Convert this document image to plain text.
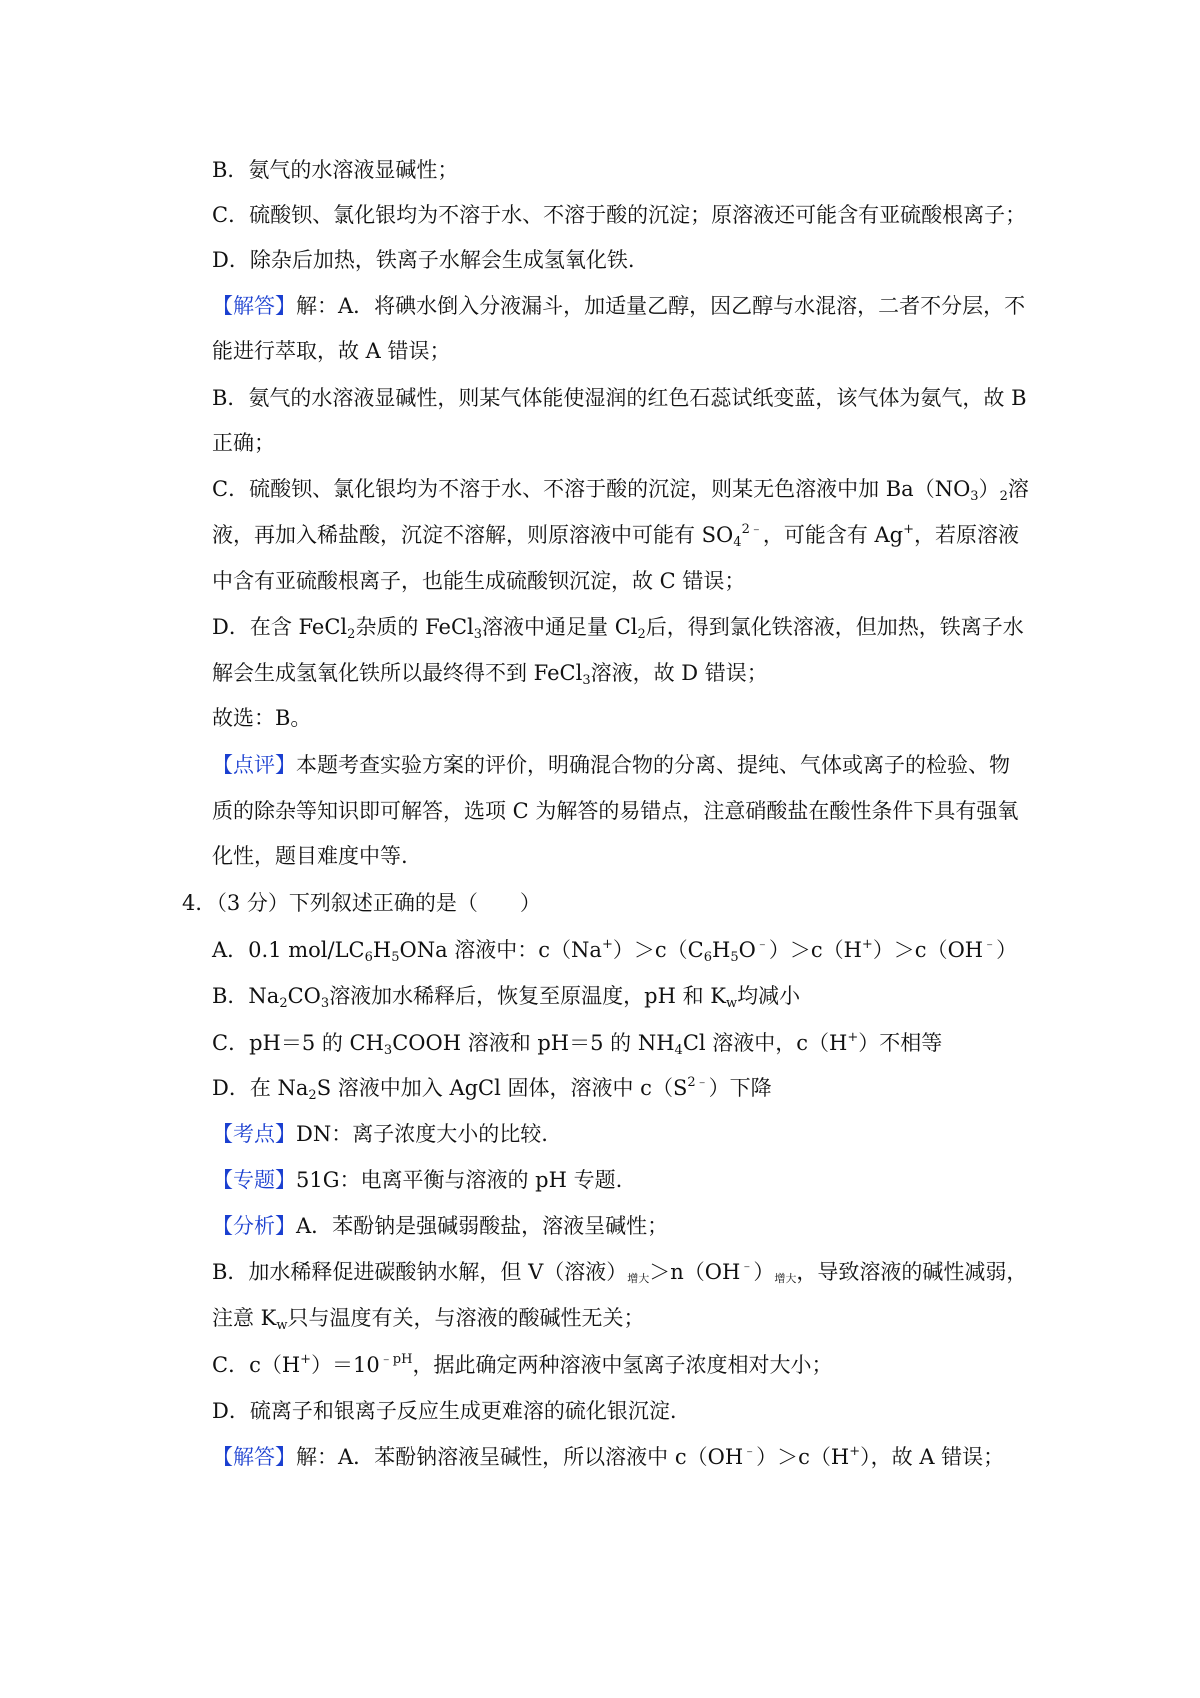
B．氨气的水溶液显碱性；
C．硫酸钡、氯化银均为不溶于水、不溶于酸的沉淀；原溶液还可能含有亚硫酸根离子；
D．除杂后加热，铁离子水解会生成氢氧化铁.
【解答】解：A．将碘水倒入分液漏斗，加适量乙醇，因乙醇与水混溶，二者不分层，不
能进行萃取，故 A 错误；
B．氨气的水溶液显碱性，则某气体能使湿润的红色石蕊试纸变蓝，该气体为氨气，故 B
正确；
C．硫酸钡、氯化银均为不溶于水、不溶于酸的沉淀，则某无色溶液中加 $Ba(NO_3)_2$溶
液，再加入稀盐酸，沉淀不溶解，则原溶液中可能有 $SO_4^{2﹣}$，可能含有 Ag+，若原溶液
中含有亚硫酸根离子，也能生成硫酸钡沉淀，故 C 错误；
D．在含 FeCl$_2$杂质的 FeCl$_3$溶液中通足量 $Cl_2$后，得到氯化铁溶液，但加热，铁离子水
解会生成氢氧化铁所以最终得不到 FeCl$_3$溶液，故 D 错误；
故选：B。
【点评】本题考查实验方案的评价，明确混合物的分离、提纯、气体或离子的检验、物
质的除杂等知识即可解答，选项 C 为解答的易错点，注意硝酸盐在酸性条件下具有强氧
化性，题目难度中等.
4．（3 分）下列叙述正确的是（　　）
A．0.1 mol/$LC_6H_5ONa$ 溶液中：$c(Na^+)>c(C_6H_5O^﹣)>c(H^+)>c(OH^﹣)$
B．$Na_2CO_3$溶液加水稀释后，恢复至原温度，pH 和 $K_w$均减小
C．pH＝5 的 $CH_3COOH$ 溶液和 pH＝5 的 $NH_4Cl$ 溶液中，c（H+）不相等
D．在 $Na_2S$ 溶液中加入 AgCl 固体，溶液中 $c(S^{2﹣})$下降
【考点】DN：离子浓度大小的比较.
【专题】51G：电离平衡与溶液的 pH 专题.
【分析】A．苯酚钠是强碱弱酸盐，溶液呈碱性；
B．加水稀释促进碳酸钠水解，但 V（溶液）增大＞n（OH﹣）增大，导致溶液的碱性减弱，
注意 $K_w$只与温度有关，与溶液的酸碱性无关；
C．$c(H^+)=10^{﹣pH}$，据此确定两种溶液中氢离子浓度相对大小；
D．硫离子和银离子反应生成更难溶的硫化银沉淀.
【解答】解：A．苯酚钠溶液呈碱性，所以溶液中 c（OH﹣）＞c（H+），故 A 错误；
